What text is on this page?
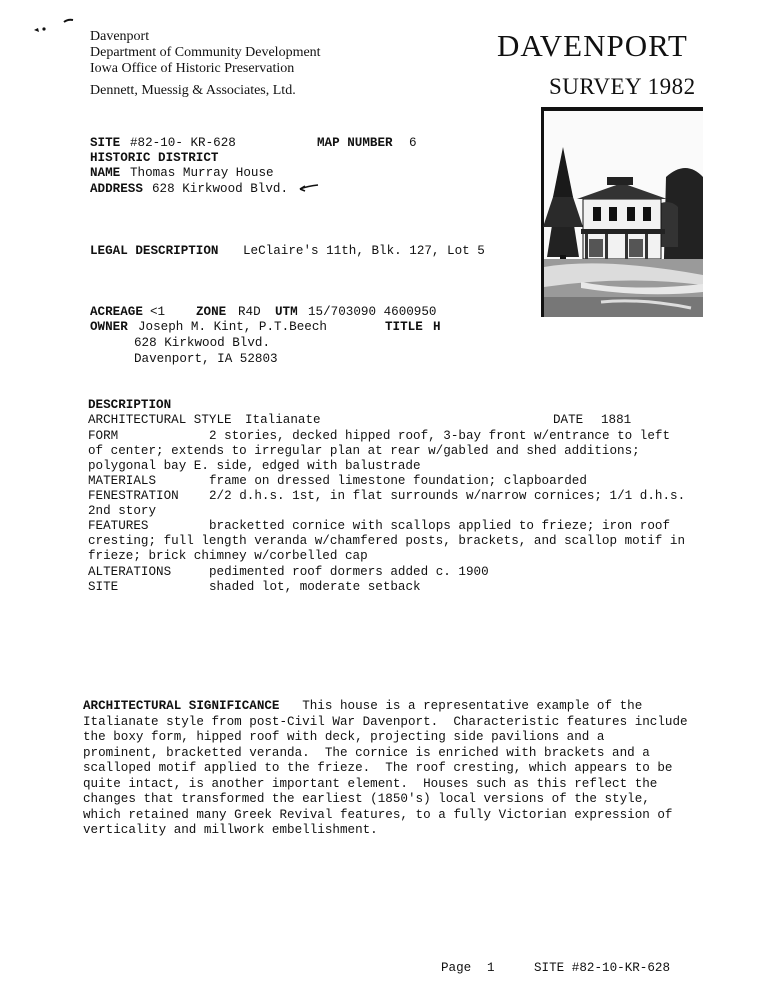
Davenport
Department of Community Development
Iowa Office of Historic Preservation
Dennett, Muessig & Associates, Ltd.
DAVENPORT
SURVEY 1982
SITE #82-10- KR-628	MAP NUMBER 6
HISTORIC DISTRICT
NAME Thomas Murray House
ADDRESS 628 Kirkwood Blvd.
LEGAL DESCRIPTION LeClaire's 11th, Blk. 127, Lot 5
ACREAGE <1 ZONE R4D UTM 15/703090 4600950
OWNER Joseph M. Kint, P.T.Beech	TITLE H
628 Kirkwood Blvd.
Davenport, IA 52803
DESCRIPTION
ARCHITECTURAL STYLE Italianate	DATE 1881
FORM	2 stories, decked hipped roof, 3-bay front w/entrance to left
of center; extends to irregular plan at rear w/gabled and shed additions;
polygonal bay E. side, edged with balustrade
MATERIALS	frame on dressed limestone foundation; clapboarded
FENESTRATION 2/2 d.h.s. 1st, in flat surrounds w/narrow cornices; 1/1 d.h.s.
2nd story
FEATURES	bracketted cornice with scallops applied to frieze; iron roof
cresting; full length veranda w/chamfered posts, brackets, and scallop motif in
frieze; brick chimney w/corbelled cap
ALTERATIONS	pedimented roof dormers added c. 1900
SITE	shaded lot, moderate setback
ARCHITECTURAL SIGNIFICANCE This house is a representative example of the
Italianate style from post-Civil War Davenport.  Characteristic features include
the boxy form, hipped roof with deck, projecting side pavilions and a
prominent, bracketted veranda.  The cornice is enriched with brackets and a
scalloped motif applied to the frieze.  The roof cresting, which appears to be
quite intact, is another important element.  Houses such as this reflect the
changes that transformed the earliest (1850's) local versions of the style,
which retained many Greek Revival features, to a fully Victorian expression of
verticality and millwork embellishment.
Page 1	SITE #82-10-KR-628
